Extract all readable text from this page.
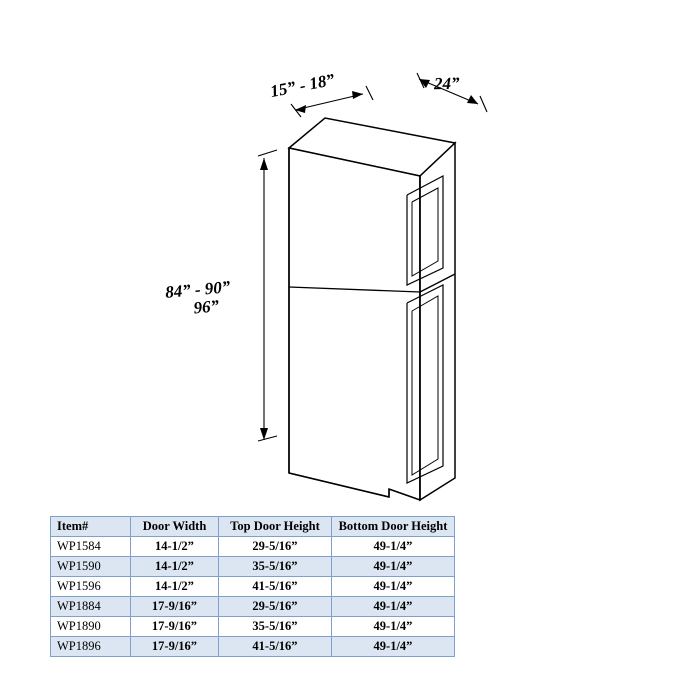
15” - 18”	24”
84” - 90”
96”
Item#	Door Width	Top Door Height	Bottom Door Height
WP1584	14-1/2”	29-5/16”	49-1/4”
WP1590	14-1/2”	35-5/16”	49-1/4”
WP1596	14-1/2”	41-5/16”	49-1/4”
WP1884	17-9/16”	29-5/16”	49-1/4”
WP1890	17-9/16”	35-5/16”	49-1/4”
WP1896	17-9/16”	41-5/16”	49-1/4”
